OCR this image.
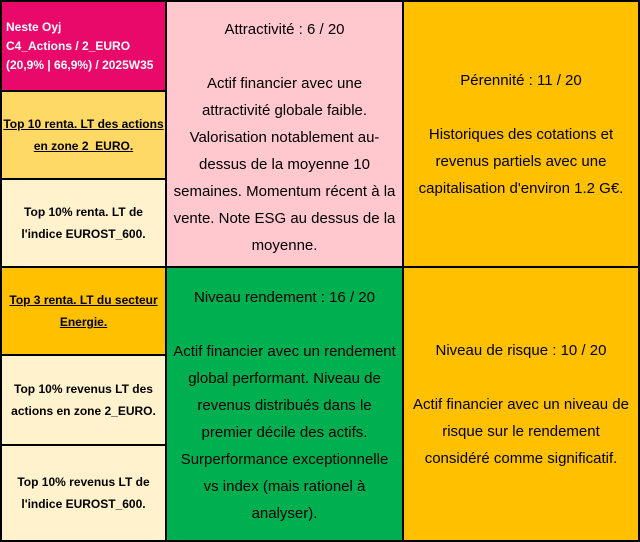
Neste Oyj
C4_Actions / 2_EURO
(20,9% | 66,9%) / 2025W35
Top 10 renta. LT des actions en zone 2_EURO.
Top 10% renta. LT de l'indice EUROST_600.
Top 3 renta. LT du secteur Energie.
Top 10% revenus LT des actions en zone 2_EURO.
Top 10% revenus LT de l'indice EUROST_600.
Attractivité : 6 / 20
Actif financier avec une attractivité globale faible. Valorisation notablement au-dessus de la moyenne 10 semaines. Momentum récent à la vente. Note ESG au dessus de la moyenne.
Pérennité : 11 / 20
Historiques des cotations et revenus partiels avec une capitalisation d'environ 1.2 G€.
Niveau rendement : 16 / 20
Actif financier avec un rendement global performant. Niveau de revenus distribués dans le premier décile des actifs. Surperformance exceptionnelle vs index (mais rationel à analyser).
Niveau de risque : 10 / 20
Actif financier avec un niveau de risque sur le rendement considéré comme significatif.
